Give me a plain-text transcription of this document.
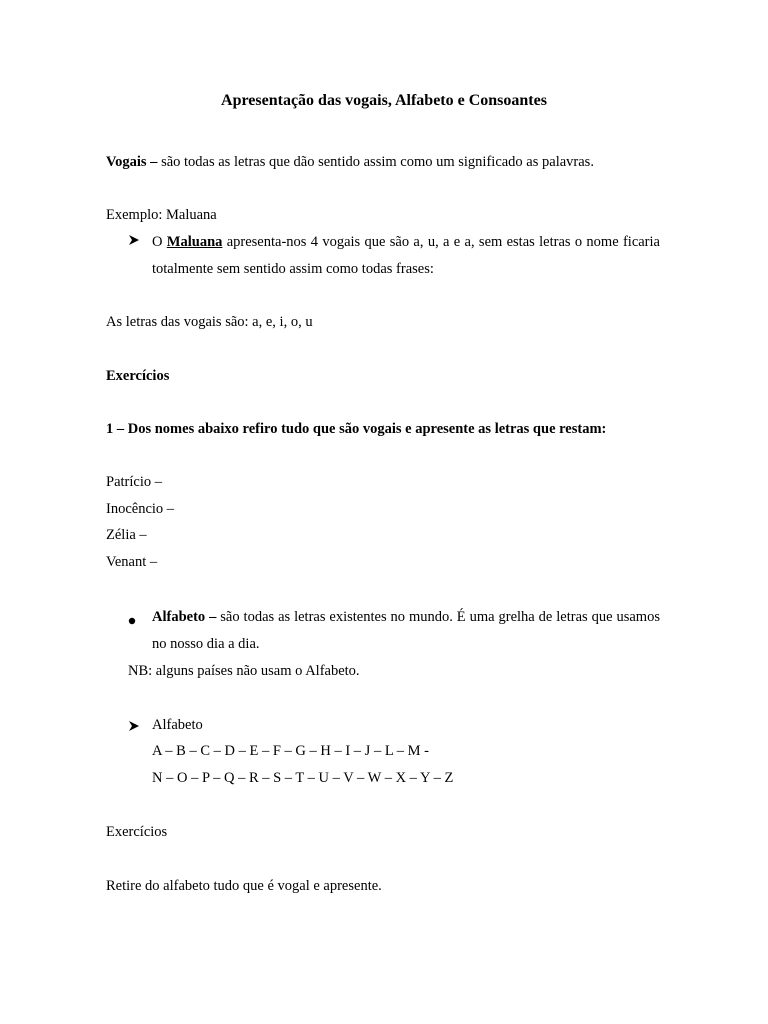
Apresentação das vogais, Alfabeto e Consoantes
Vogais – são todas as letras que dão sentido assim como um significado as palavras.
Exemplo: Maluana
O Maluana apresenta-nos 4 vogais que são a, u, a e a, sem estas letras o nome ficaria totalmente sem sentido assim como todas frases:
As letras das vogais são: a, e, i, o, u
Exercícios
1 – Dos nomes abaixo refiro tudo que são vogais e apresente as letras que restam:
Patrício –
Inocêncio –
Zélia –
Venant –
Alfabeto – são todas as letras existentes no mundo. É uma grelha de letras que usamos no nosso dia a dia.
NB: alguns países não usam o Alfabeto.
Alfabeto
A – B – C – D – E – F – G – H – I – J – L – M -
N – O – P – Q – R – S – T – U – V – W – X – Y – Z
Exercícios
Retire do alfabeto tudo que é vogal e apresente.
